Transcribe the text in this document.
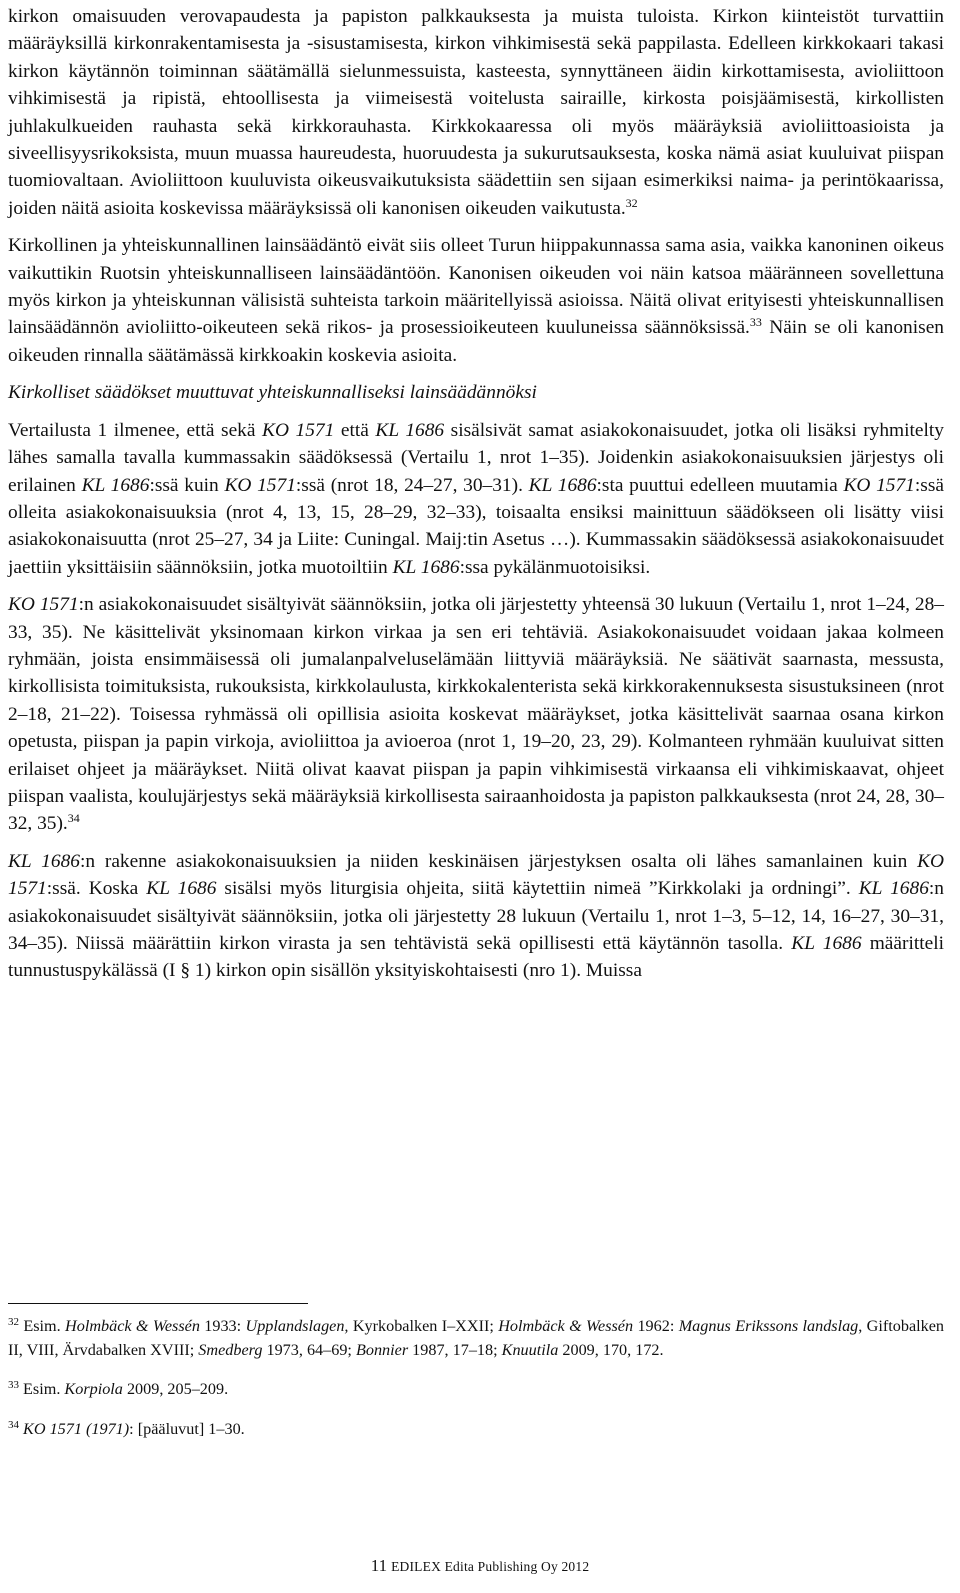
kirkon omaisuuden verovapaudesta ja papiston palkkauksesta ja muista tuloista. Kirkon kiinteistöt turvattiin määräyksillä kirkonrakentamisesta ja -sisustamisesta, kirkon vihkimisestä sekä pappilasta. Edelleen kirkkokaari takasi kirkon käytännön toiminnan säätämällä sielunmessuista, kasteesta, synnyttäneen äidin kirkottamisesta, avioliittoon vihkimisestä ja ripistä, ehtoollisesta ja viimeisestä voitelusta sairaille, kirkosta poisjäämisestä, kirkollisten juhlakulkueiden rauhasta sekä kirkkorauhasta. Kirkkokaaressa oli myös määräyksiä avioliittoasioista ja siveellisyysrikoksista, muun muassa haureudesta, huoruudesta ja sukurutsauksesta, koska nämä asiat kuuluivat piispan tuomiovaltaan. Avioliittoon kuuluvista oikeusvaikutuksista säädettiin sen sijaan esimerkiksi naima- ja perintökaarissa, joiden näitä asioita koskevissa määräyksissä oli kanonisen oikeuden vaikutusta.$^{32}$

Kirkollinen ja yhteiskunnallinen lainsäädäntö eivät siis olleet Turun hiippakunnassa sama asia, vaikka kanoninen oikeus vaikuttikin Ruotsin yhteiskunnalliseen lainsäädäntöön. Kanonisen oikeuden voi näin katsoa määränneen sovellettuna myös kirkon ja yhteiskunnan välisistä suhteista tarkoin määritellyissä asioissa. Näitä olivat erityisesti yhteiskunnallisen lainsäädännön avioliitto-oikeuteen sekä rikos- ja prosessioikeuteen kuuluneissa säännöksissä.$^{33}$ Näin se oli kanonisen oikeuden rinnalla säätämässä kirkkoakin koskevia asioita.

Kirkolliset säädökset muuttuvat yhteiskunnalliseksi lainsäädännöksi

Vertailusta 1 ilmenee, että sekä KO 1571 että KL 1686 sisälsivät samat asiakokonaisuudet, jotka oli lisäksi ryhmitelty lähes samalla tavalla kummassakin säädöksessä (Vertailu 1, nrot 1–35). Joidenkin asiakokonaisuuksien järjestys oli erilainen KL 1686:ssä kuin KO 1571:ssä (nrot 18, 24–27, 30–31). KL 1686:sta puuttui edelleen muutamia KO 1571:ssä olleita asiakokonaisuuksia (nrot 4, 13, 15, 28–29, 32–33), toisaalta ensiksi mainittuun säädökseen oli lisätty viisi asiakokonaisuutta (nrot 25–27, 34 ja Liite: Cuningal. Maij:tin Asetus …). Kummassakin säädöksessä asiakokonaisuudet jaettiin yksittäisiin säännöksiin, jotka muotoiltiin KL 1686:ssa pykälänmuotoisiksi.

KO 1571:n asiakokonaisuudet sisältyivät säännöksiin, jotka oli järjestetty yhteensä 30 lukuun (Vertailu 1, nrot 1–24, 28–33, 35). Ne käsittelivät yksinomaan kirkon virkaa ja sen eri tehtäviä. Asiakokonaisuudet voidaan jakaa kolmeen ryhmään, joista ensimmäisessä oli jumalanpalveluselämään liittyviä määräyksiä. Ne säätivät saarnasta, messusta, kirkollisista toimituksista, rukouksista, kirkkolaulusta, kirkkokalenterista sekä kirkkorakennuksesta sisustuksineen (nrot 2–18, 21–22). Toisessa ryhmässä oli opillisia asioita koskevat määräykset, jotka käsittelivät saarnaa osana kirkon opetusta, piispan ja papin virkoja, avioliittoa ja avioeroa (nrot 1, 19–20, 23, 29). Kolmanteen ryhmään kuuluivat sitten erilaiset ohjeet ja määräykset. Niitä olivat kaavat piispan ja papin vihkimisestä virkaansa eli vihkimiskaavat, ohjeet piispan vaalista, koulujärjestys sekä määräyksiä kirkollisesta sairaanhoidosta ja papiston palkkauksesta (nrot 24, 28, 30–32, 35).$^{34}$

KL 1686:n rakenne asiakokonaisuuksien ja niiden keskinäisen järjestyksen osalta oli lähes samanlainen kuin KO 1571:ssä. Koska KL 1686 sisälsi myös liturgisia ohjeita, siitä käytettiin nimeä ”Kirkkolaki ja ordningi”. KL 1686:n asiakokonaisuudet sisältyivät säännöksiin, jotka oli järjestetty 28 lukuun (Vertailu 1, nrot 1–3, 5–12, 14, 16–27, 30–31, 34–35). Niissä määrättiin kirkon virasta ja sen tehtävistä sekä opillisesti että käytännön tasolla. KL 1686 määritteli tunnustuspykälässä (I § 1) kirkon opin sisällön yksityiskohtaisesti (nro 1). Muissa

$^{32}$ Esim. Holmbäck & Wessén 1933: Upplandslagen, Kyrkobalken I–XXII; Holmbäck & Wessén 1962: Magnus Erikssons landslag, Giftobalken II, VIII, Ärvdabalken XVIII; Smedberg 1973, 64–69; Bonnier 1987, 17–18; Knuutila 2009, 170, 172.

$^{33}$ Esim. Korpiola 2009, 205–209.

$^{34}$ KO 1571 (1971): [pääluvut] 1–30.

11 EDILEX Edita Publishing Oy 2012
